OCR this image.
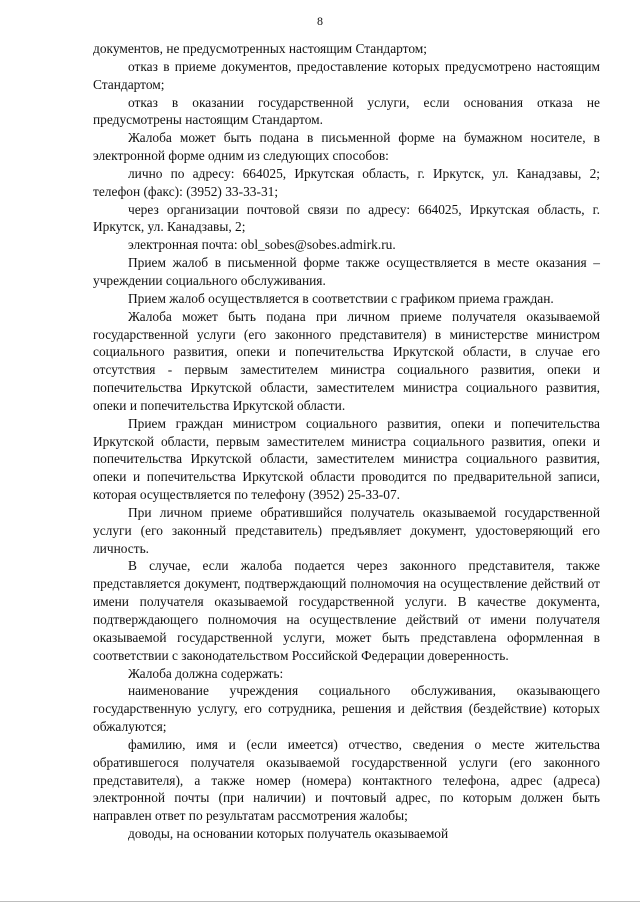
8

документов, не предусмотренных настоящим Стандартом;

отказ в приеме документов, предоставление которых предусмотрено настоящим Стандартом;

отказ в оказании государственной услуги, если основания отказа не предусмотрены настоящим Стандартом.

Жалоба может быть подана в письменной форме на бумажном носителе, в электронной форме одним из следующих способов:

лично по адресу: 664025, Иркутская область, г. Иркутск, ул. Канадзавы, 2; телефон (факс): (3952) 33-33-31;

через организации почтовой связи по адресу: 664025, Иркутская область, г. Иркутск, ул. Канадзавы, 2;

электронная почта: obl_sobes@sobes.admirk.ru.

Прием жалоб в письменной форме также осуществляется в месте оказания – учреждении социального обслуживания.

Прием жалоб осуществляется в соответствии с графиком приема граждан.

Жалоба может быть подана при личном приеме получателя оказываемой государственной услуги (его законного представителя) в министерстве министром социального развития, опеки и попечительства Иркутской области, в случае его отсутствия - первым заместителем министра социального развития, опеки и попечительства Иркутской области, заместителем министра социального развития, опеки и попечительства Иркутской области.

Прием граждан министром социального развития, опеки и попечительства Иркутской области, первым заместителем министра социального развития, опеки и попечительства Иркутской области, заместителем министра социального развития, опеки и попечительства Иркутской области проводится по предварительной записи, которая осуществляется по телефону (3952) 25-33-07.

При личном приеме обратившийся получатель оказываемой государственной услуги (его законный представитель) предъявляет документ, удостоверяющий его личность.

В случае, если жалоба подается через законного представителя, также представляется документ, подтверждающий полномочия на осуществление действий от имени получателя оказываемой государственной услуги. В качестве документа, подтверждающего полномочия на осуществление действий от имени получателя оказываемой государственной услуги, может быть представлена оформленная в соответствии с законодательством Российской Федерации доверенность.

Жалоба должна содержать:

наименование учреждения социального обслуживания, оказывающего государственную услугу, его сотрудника, решения и действия (бездействие) которых обжалуются;

фамилию, имя и (если имеется) отчество, сведения о месте жительства обратившегося получателя оказываемой государственной услуги (его законного представителя), а также номер (номера) контактного телефона, адрес (адреса) электронной почты (при наличии) и почтовый адрес, по которым должен быть направлен ответ по результатам рассмотрения жалобы;

доводы, на основании которых получатель оказываемой
